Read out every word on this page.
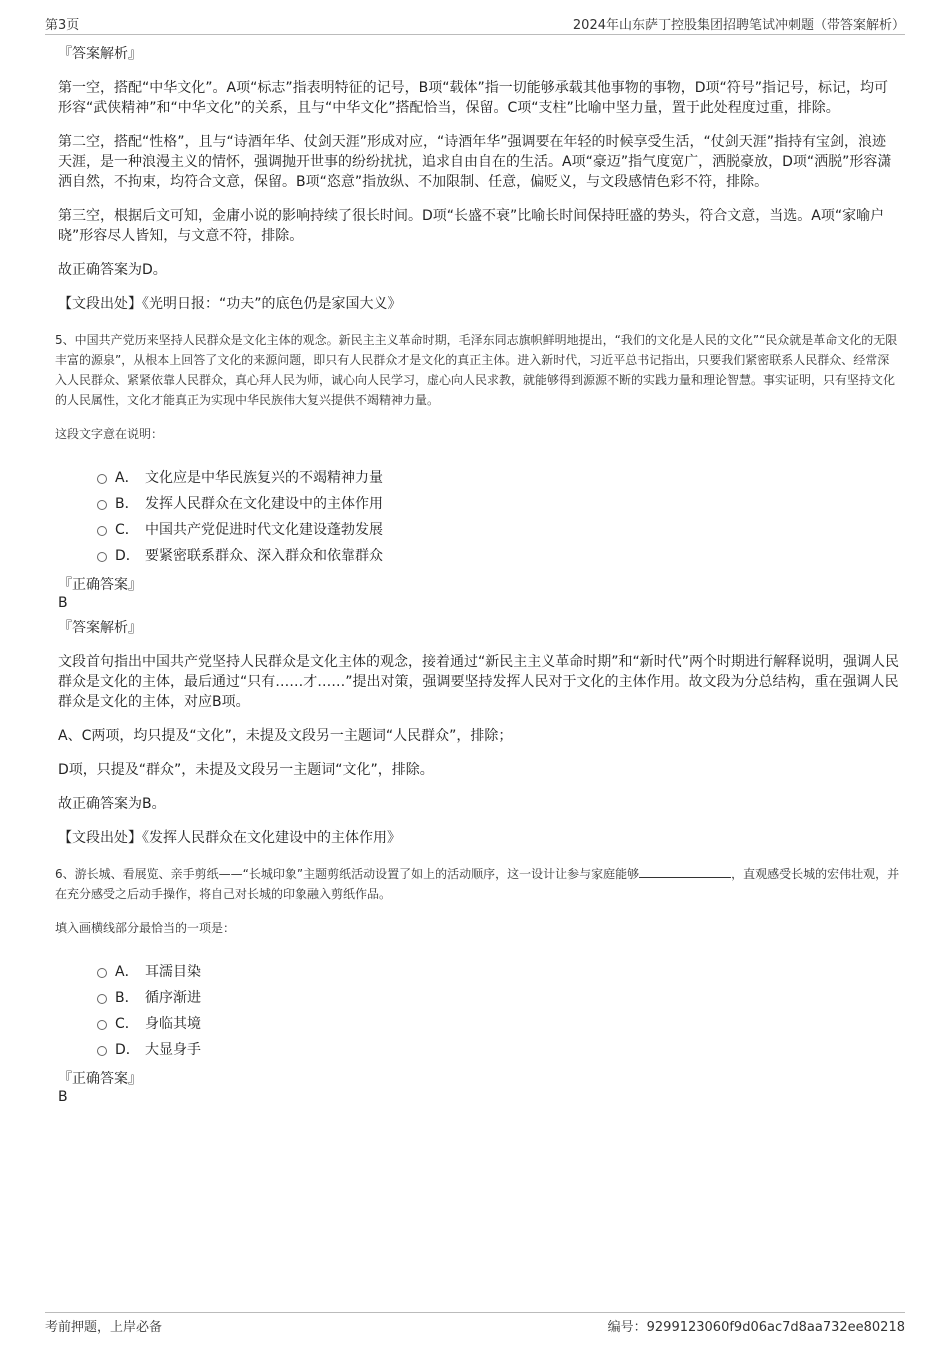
第3页	2024年山东萨丁控股集团招聘笔试冲刺题（带答案解析）
『答案解析』
第一空，搭配“中华文化”。A项“标志”指表明特征的记号，B项“载体”指一切能够承载其他事物的事物，D项“符号”指记号，标记，均可形容“武侠精神”和“中华文化”的关系，且与“中华文化”搭配恰当，保留。C项“支柱”比喻中坚力量，置于此处程度过重，排除。
第二空，搭配“性格”，且与“诗酒年华、仗剑天涯”形成对应，“诗酒年华”强调要在年轻的时候享受生活，“仗剑天涯”指持有宝剑，浪迹天涯，是一种浪漫主义的情怀，强调抛开世事的纷纷扰扰，追求自由自在的生活。A项“豪迈”指气度宽广，洒脱豪放，D项“洒脱”形容潇洒自然，不拘束，均符合文意，保留。B项“恣意”指放纵、不加限制、任意，偏贬义，与文段感情色彩不符，排除。
第三空，根据后文可知，金庸小说的影响持续了很长时间。D项“长盛不衰”比喻长时间保持旺盛的势头，符合文意，当选。A项“家喻户晓”形容尽人皆知，与文意不符，排除。
故正确答案为D。
【文段出处】《光明日报：“功夫”的底色仍是家国大义》
5、中国共产党历来坚持人民群众是文化主体的观念。新民主主义革命时期，毛泽东同志旗帜鲜明地提出，“我们的文化是人民的文化”“民众就是革命文化的无限丰富的源泉”，从根本上回答了文化的来源问题，即只有人民群众才是文化的真正主体。进入新时代，习近平总书记指出，只要我们紧密联系人民群众、经常深入人民群众、紧紧依靠人民群众，真心拜人民为师，诚心向人民学习，虚心向人民求教，就能够得到源源不断的实践力量和理论智慧。事实证明，只有坚持文化的人民属性，文化才能真正为实现中华民族伟大复兴提供不竭精神力量。
这段文字意在说明：
A． 文化应是中华民族复兴的不竭精神力量
B． 发挥人民群众在文化建设中的主体作用
C． 中国共产党促进时代文化建设蓬勃发展
D． 要紧密联系群众、深入群众和依靠群众
『正确答案』
B
『答案解析』
文段首句指出中国共产党坚持人民群众是文化主体的观念，接着通过“新民主主义革命时期”和“新时代”两个时期进行解释说明，强调人民群众是文化的主体，最后通过“只有……才……”提出对策，强调要坚持发挥人民对于文化的主体作用。故文段为分总结构，重在强调人民群众是文化的主体，对应B项。
A、C两项，均只提及“文化”，未提及文段另一主题词“人民群众”，排除；
D项，只提及“群众”，未提及文段另一主题词“文化”，排除。
故正确答案为B。
【文段出处】《发挥人民群众在文化建设中的主体作用》
6、游长城、看展览、亲手剪纸——“长城印象”主题剪纸活动设置了如上的活动顺序，这一设计让参与家庭能够	，直观感受长城的宏伟壮观，并在充分感受之后动手操作，将自己对长城的印象融入剪纸作品。
填入画横线部分最恰当的一项是：
A． 耳濡目染
B． 循序渐进
C． 身临其境
D． 大显身手
『正确答案』
B
考前押题，上岸必备	编号：9299123060f9d06ac7d8aa732ee80218
